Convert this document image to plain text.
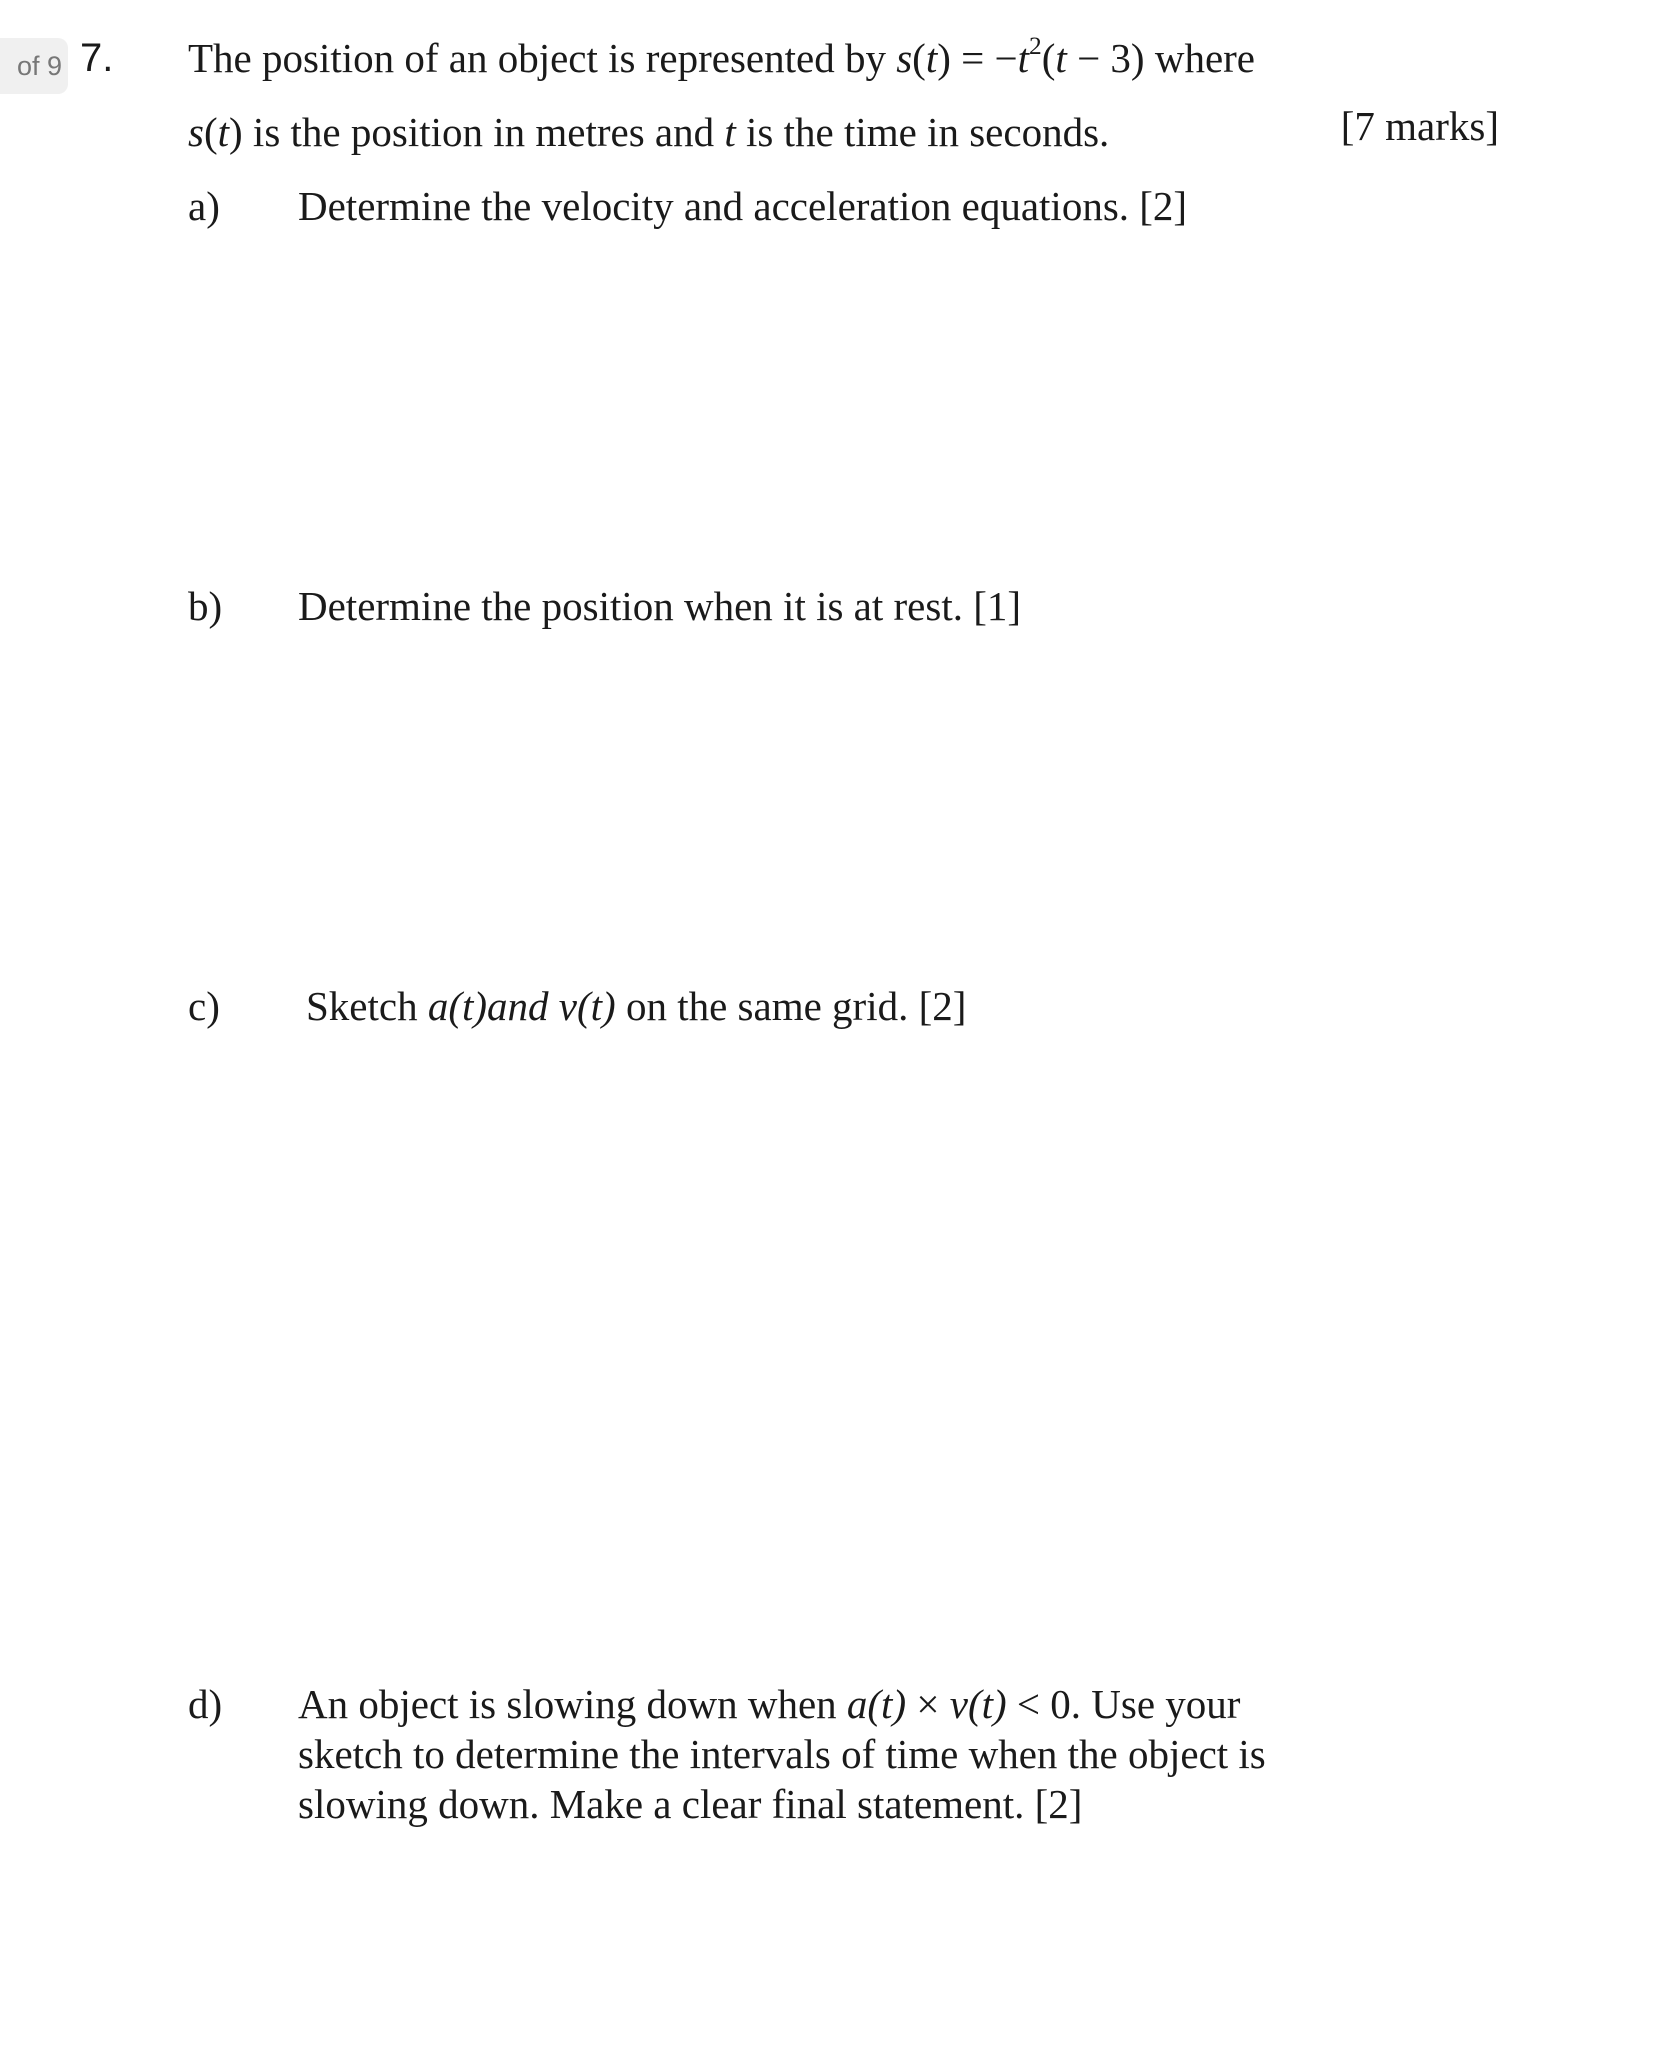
of 9 7. The position of an object is represented by $s(t) = -t^2(t - 3)$ where
s(t) is the position in metres and t is the time in seconds.	[7 marks]
a) Determine the velocity and acceleration equations. [2]
b) Determine the position when it is at rest. [1]
c) Sketch a(t)and v(t) on the same grid. [2]
d) An object is slowing down when a(t) × v(t) < 0. Use your
sketch to determine the intervals of time when the object is
slowing down. Make a clear final statement. [2]
